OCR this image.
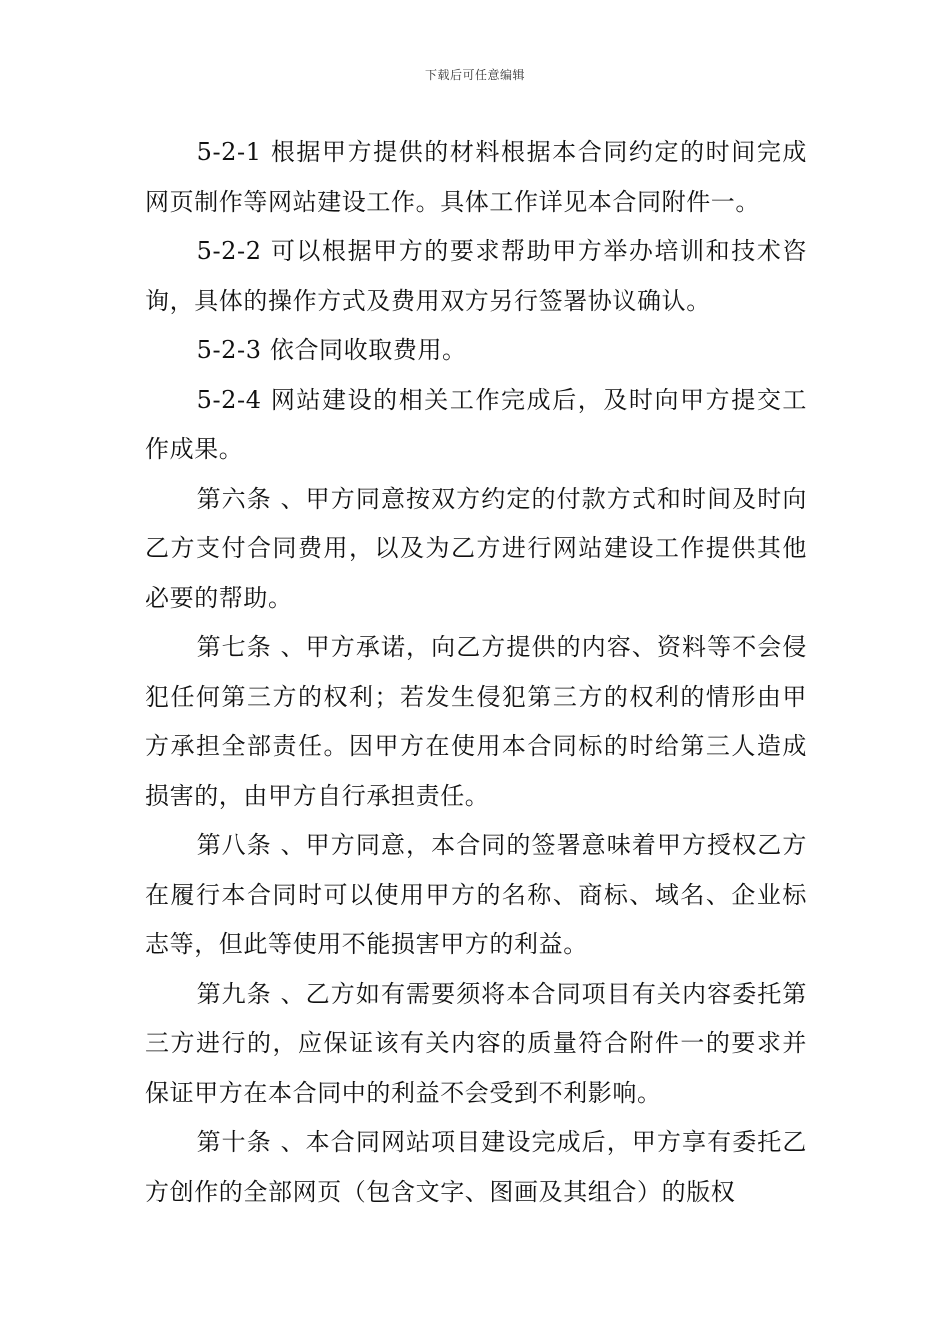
下载后可任意编辑

5-2-1 根据甲方提供的材料根据本合同约定的时间完成网页制作等网站建设工作。具体工作详见本合同附件一。

5-2-2 可以根据甲方的要求帮助甲方举办培训和技术咨询，具体的操作方式及费用双方另行签署协议确认。

5-2-3 依合同收取费用。

5-2-4 网站建设的相关工作完成后，及时向甲方提交工作成果。

第六条 、甲方同意按双方约定的付款方式和时间及时向乙方支付合同费用，以及为乙方进行网站建设工作提供其他必要的帮助。

第七条 、甲方承诺，向乙方提供的内容、资料等不会侵犯任何第三方的权利；若发生侵犯第三方的权利的情形由甲方承担全部责任。因甲方在使用本合同标的时给第三人造成损害的，由甲方自行承担责任。

第八条 、甲方同意，本合同的签署意味着甲方授权乙方在履行本合同时可以使用甲方的名称、商标、域名、企业标志等，但此等使用不能损害甲方的利益。

第九条 、乙方如有需要须将本合同项目有关内容委托第三方进行的，应保证该有关内容的质量符合附件一的要求并保证甲方在本合同中的利益不会受到不利影响。

第十条 、本合同网站项目建设完成后，甲方享有委托乙方创作的全部网页（包含文字、图画及其组合）的版权
